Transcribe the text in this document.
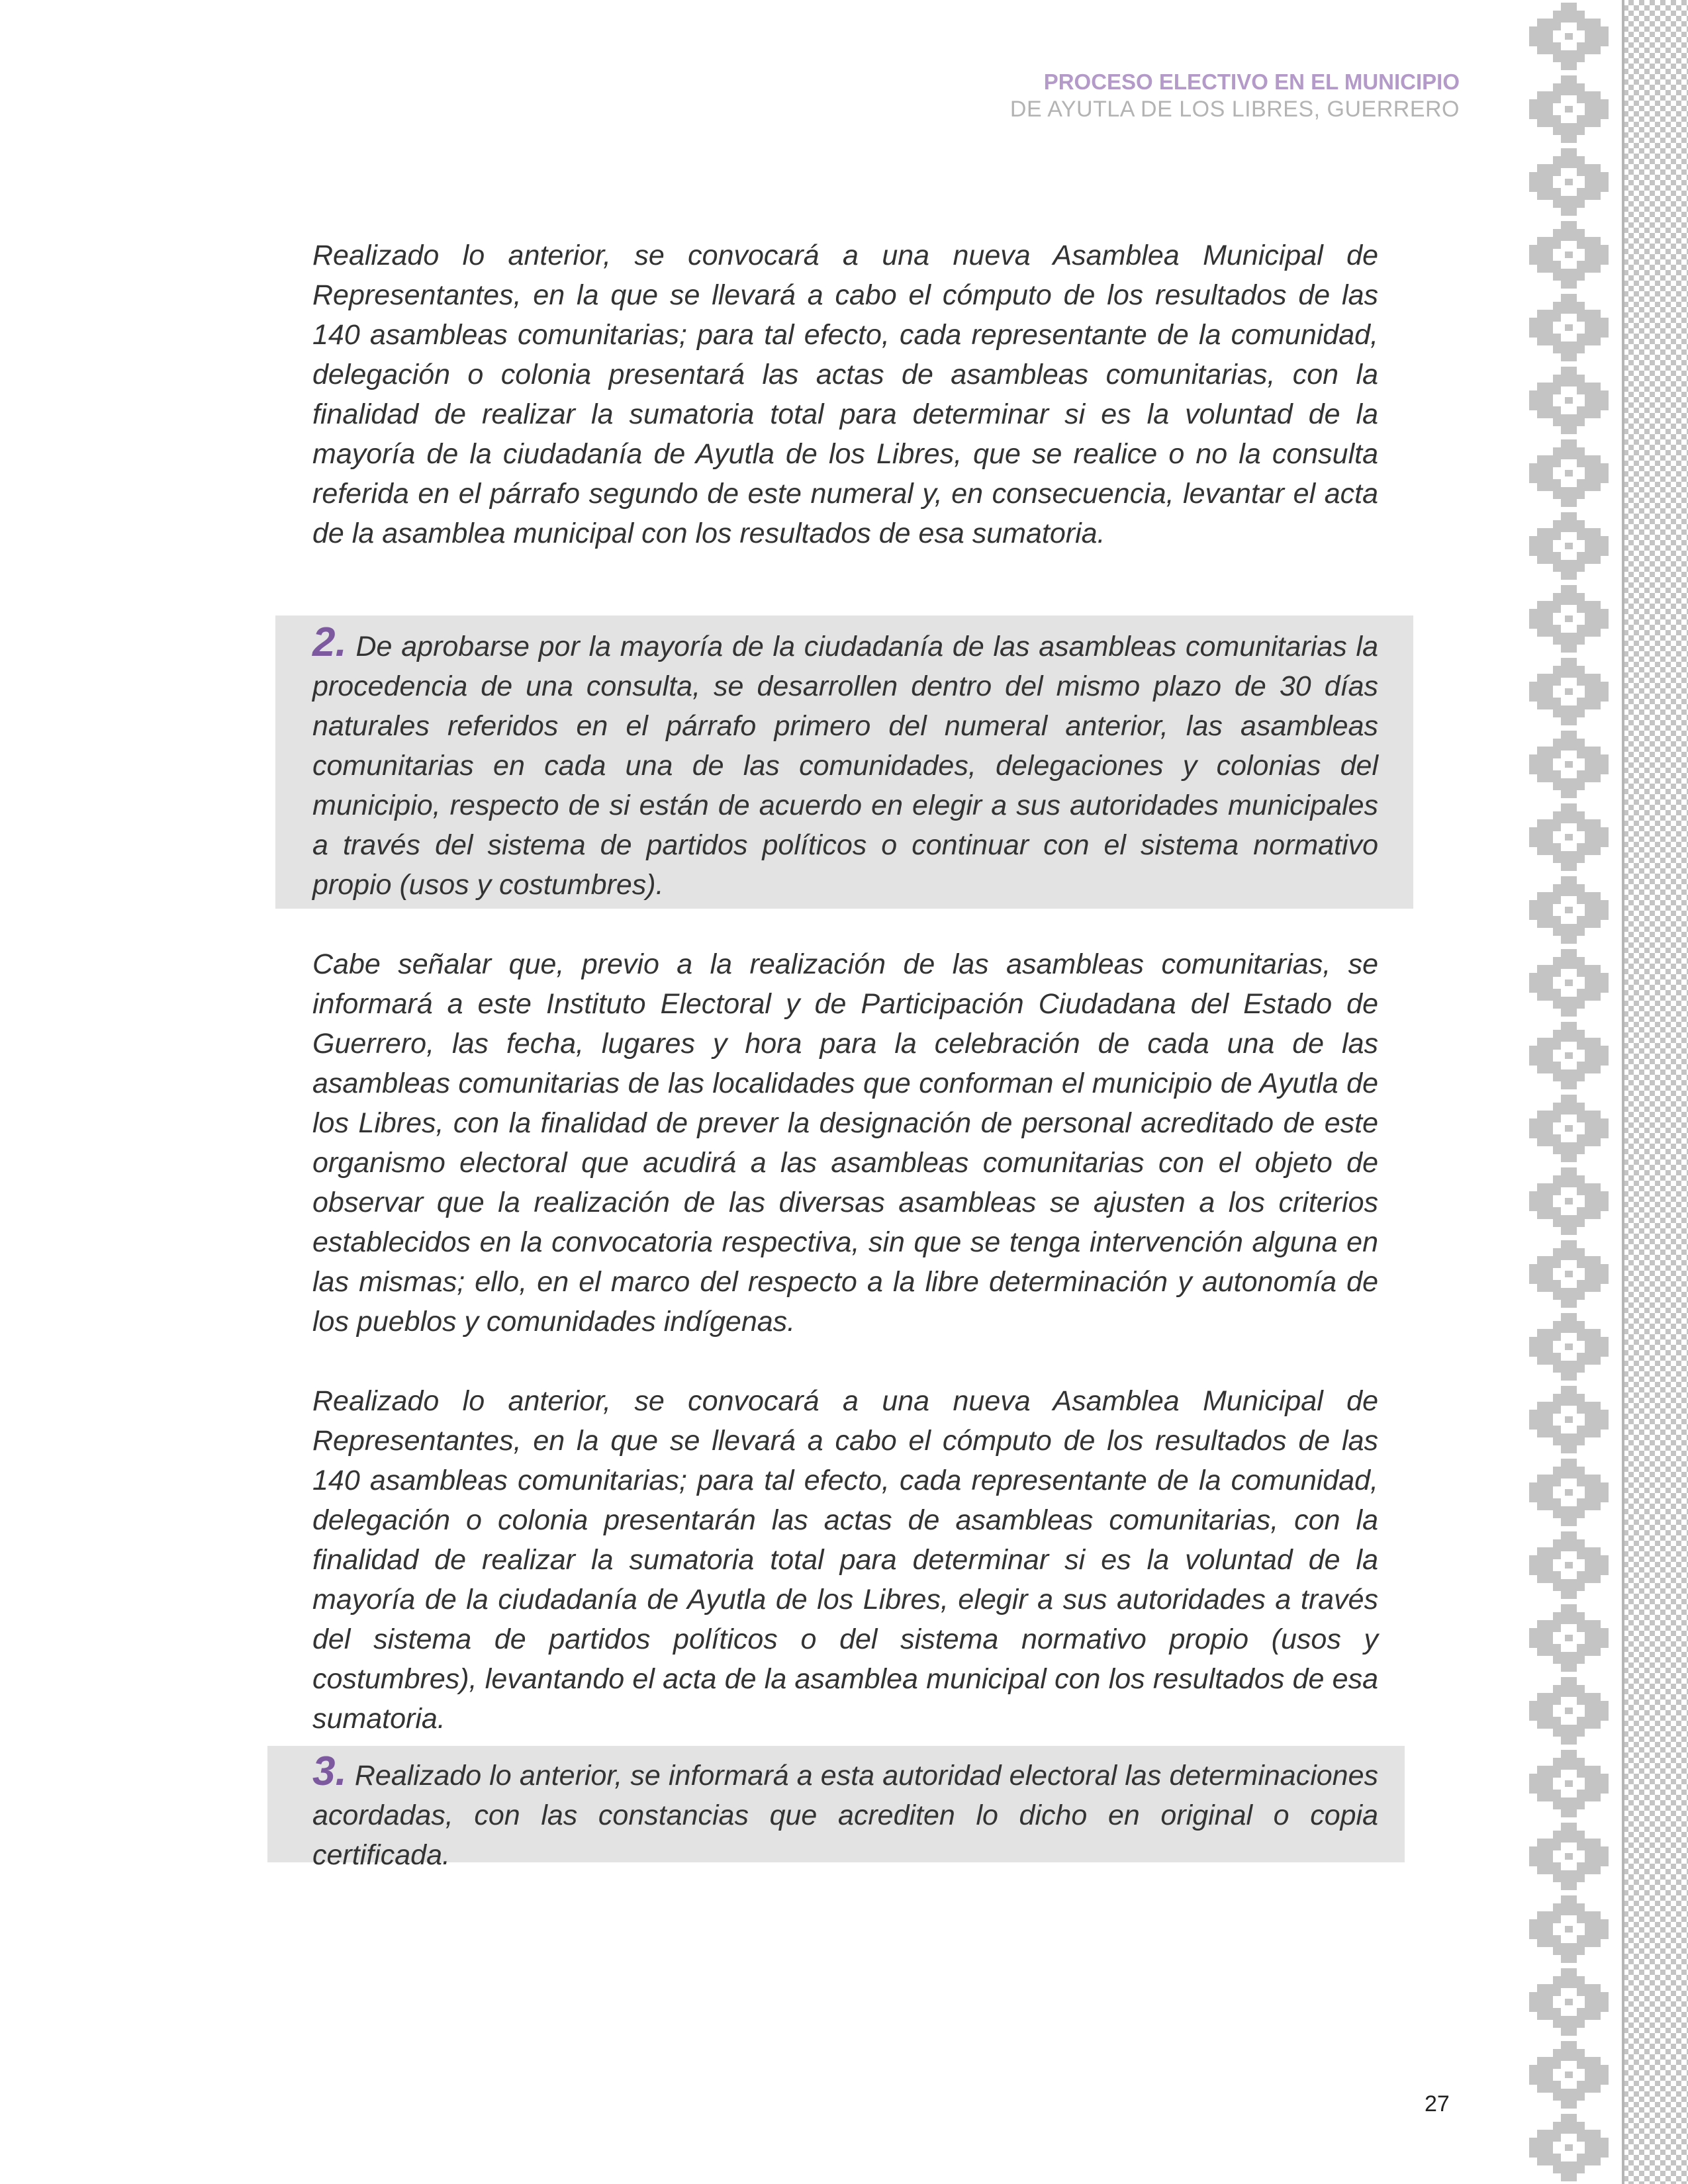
PROCESO ELECTIVO EN EL MUNICIPIO
DE AYUTLA DE LOS LIBRES, GUERRERO

Realizado lo anterior, se convocará a una nueva Asamblea Municipal de Representantes, en la que se llevará a cabo el cómputo de los resultados de las 140 asambleas comunitarias; para tal efecto, cada representante de la comunidad, delegación o colonia presentará las actas de asambleas comunitarias, con la finalidad de realizar la sumatoria total para determinar si es la voluntad de la mayoría de la ciudadanía de Ayutla de los Libres, que se realice o no la consulta referida en el párrafo segundo de este numeral y, en consecuencia, levantar el acta de la asamblea municipal con los resultados de esa sumatoria.

2. De aprobarse por la mayoría de la ciudadanía de las asambleas comunitarias la procedencia de una consulta, se desarrollen dentro del mismo plazo de 30 días naturales referidos en el párrafo primero del numeral anterior, las asambleas comunitarias en cada una de las comunidades, delegaciones y colonias del municipio, respecto de si están de acuerdo en elegir a sus autoridades municipales a través del sistema de partidos políticos o continuar con el sistema normativo propio (usos y costumbres).

Cabe señalar que, previo a la realización de las asambleas comunitarias, se informará a este Instituto Electoral y de Participación Ciudadana del Estado de Guerrero, las fecha, lugares y hora para la celebración de cada una de las asambleas comunitarias de las localidades que conforman el municipio de Ayutla de los Libres, con la finalidad de prever la designación de personal acreditado de este organismo electoral que acudirá a las asambleas comunitarias con el objeto de observar que la realización de las diversas asambleas se ajusten a los criterios establecidos en la convocatoria respectiva, sin que se tenga intervención alguna en las mismas; ello, en el marco del respecto a la libre determinación y autonomía de los pueblos y comunidades indígenas.

Realizado lo anterior, se convocará a una nueva Asamblea Municipal de Representantes, en la que se llevará a cabo el cómputo de los resultados de las 140 asambleas comunitarias; para tal efecto, cada representante de la comunidad, delegación o colonia presentarán las actas de asambleas comunitarias, con la finalidad de realizar la sumatoria total para determinar si es la voluntad de la mayoría de la ciudadanía de Ayutla de los Libres, elegir a sus autoridades a través del sistema de partidos políticos o del sistema normativo propio (usos y costumbres), levantando el acta de la asamblea municipal con los resultados de esa sumatoria.

3. Realizado lo anterior, se informará a esta autoridad electoral las determinaciones acordadas, con las constancias que acrediten lo dicho en original o copia certificada.

27
